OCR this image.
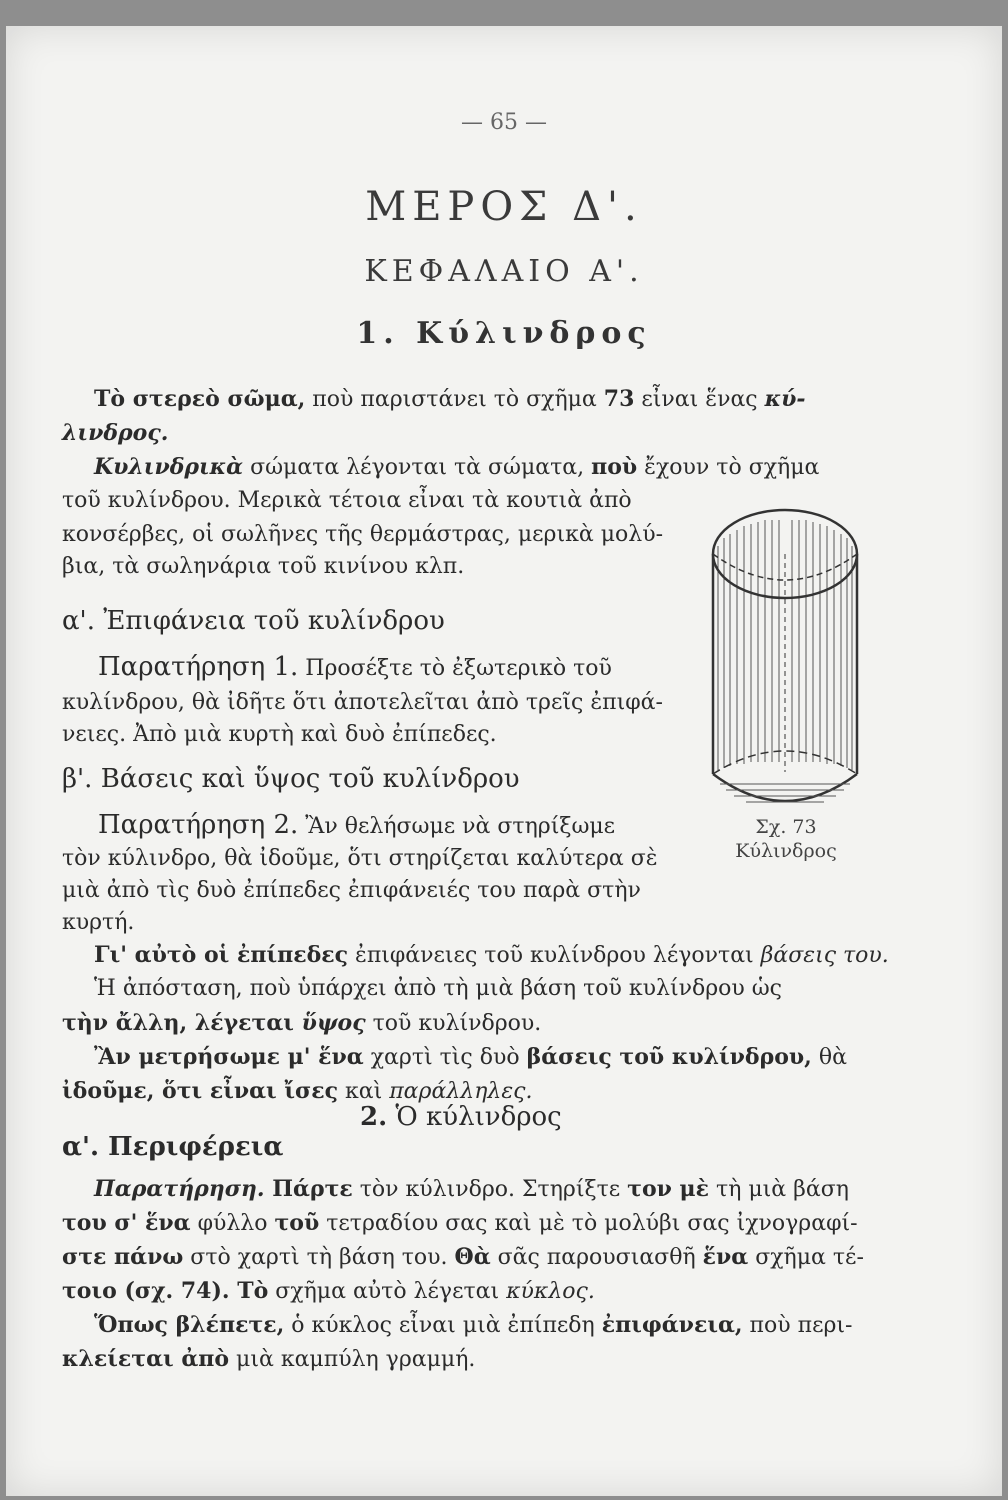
— 65 —
ΜΕΡΟΣ Δ'.
ΚΕΦΑΛΑΙΟ Α'.
1. Κύλινδρος
Τὸ στερεὸ σῶμα, ποὺ παριστάνει τὸ σχῆμα 73 εἶναι ἕνας κύ-
λινδρος.
Κυλινδρικὰ σώματα λέγονται τὰ σώματα, ποὺ ἔχουν τὸ σχῆμα
τοῦ κυλίνδρου. Μερικὰ τέτοια εἶναι τὰ κουτιὰ ἀπὸ
κονσέρβες, οἱ σωλῆνες τῆς θερμάστρας, μερικὰ μολύ-
βια, τὰ σωληνάρια τοῦ κινίνου κλπ.
α'. Ἐπιφάνεια τοῦ κυλίνδρου
Παρατήρηση 1. Προσέξτε τὸ ἐξωτερικὸ τοῦ
κυλίνδρου, θὰ ἰδῆτε ὅτι ἀποτελεῖται ἀπὸ τρεῖς ἐπιφά-
νειες. Ἀπὸ μιὰ κυρτὴ καὶ δυὸ ἐπίπεδες.
β'. Βάσεις καὶ ὕψος τοῦ κυλίνδρου
Παρατήρηση 2. Ἂν θελήσωμε νὰ στηρίξωμε
τὸν κύλινδρο, θὰ ἰδοῦμε, ὅτι στηρίζεται καλύτερα σὲ
μιὰ ἀπὸ τὶς δυὸ ἐπίπεδες ἐπιφάνειές του παρὰ στὴν
κυρτή.
Γι' αὐτὸ οἱ ἐπίπεδες ἐπιφάνειες τοῦ κυλίνδρου λέγονται βάσεις του.
Ἡ ἀπόσταση, ποὺ ὑπάρχει ἀπὸ τὴ μιὰ βάση τοῦ κυλίνδρου ὡς
τὴν ἄλλη, λέγεται ὕψος τοῦ κυλίνδρου.
Ἂν μετρήσωμε μ' ἕνα χαρτὶ τὶς δυὸ βάσεις τοῦ κυλίνδρου, θὰ
ἰδοῦμε, ὅτι εἶναι ἴσες καὶ παράλληλες.
Σχ. 73
Κύλινδρος
2. Ὁ κύλινδρος
α'. Περιφέρεια
Παρατήρηση. Πάρτε τὸν κύλινδρο. Στηρίξτε τον μὲ τὴ μιὰ βάση
του σ' ἕνα φύλλο τοῦ τετραδίου σας καὶ μὲ τὸ μολύβι σας ἰχνογραφί-
στε πάνω στὸ χαρτὶ τὴ βάση του. Θὰ σᾶς παρουσιασθῆ ἕνα σχῆμα τέ-
τοιο (σχ. 74). Τὸ σχῆμα αὐτὸ λέγεται κύκλος.
Ὅπως βλέπετε, ὁ κύκλος εἶναι μιὰ ἐπίπεδη ἐπιφάνεια, ποὺ περι-
κλείεται ἀπὸ μιὰ καμπύλη γραμμή.
